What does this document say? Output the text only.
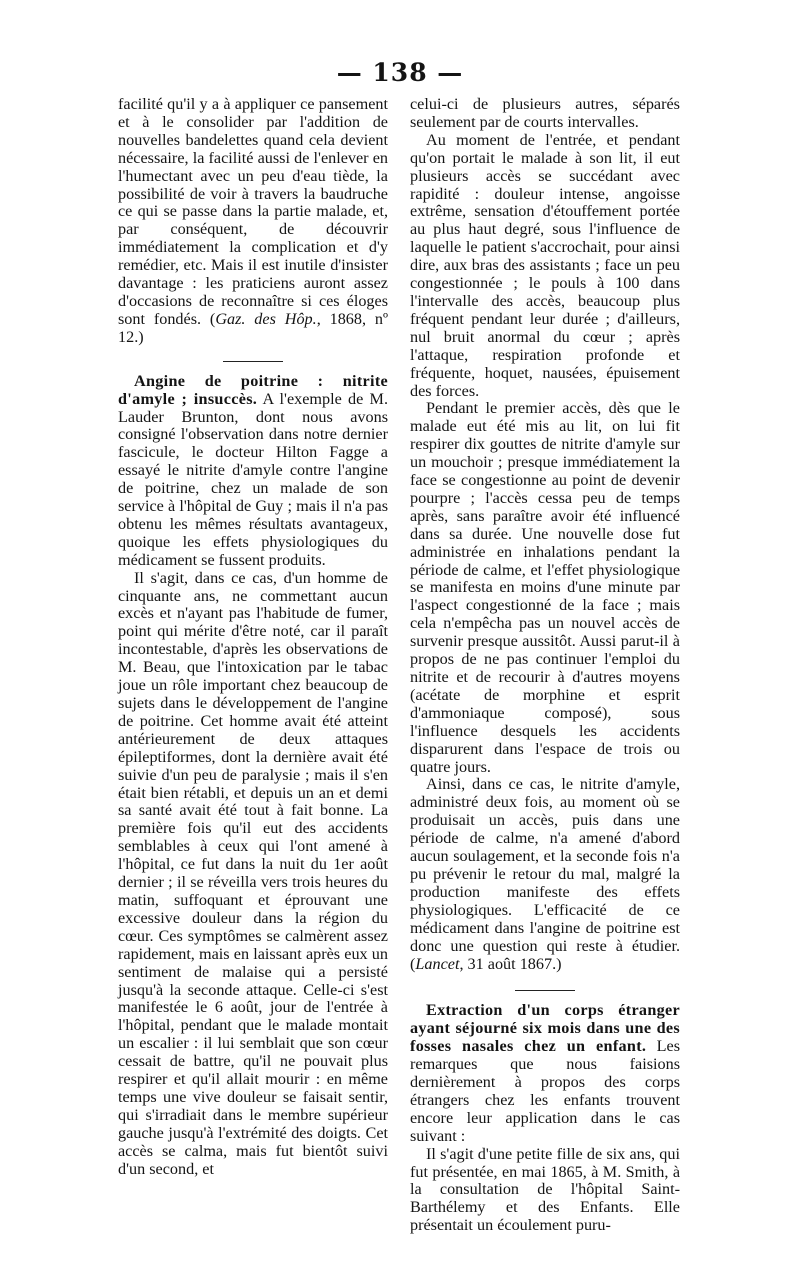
— 138 —

facilité qu'il y a à appliquer ce pansement et à le consolider par l'addition de nouvelles bandelettes quand cela devient nécessaire, la facilité aussi de l'enlever en l'humectant avec un peu d'eau tiède, la possibilité de voir à travers la baudruche ce qui se passe dans la partie malade, et, par conséquent, de découvrir immédiatement la complication et d'y remédier, etc. Mais il est inutile d'insister davantage : les praticiens auront assez d'occasions de reconnaître si ces éloges sont fondés. (Gaz. des Hôp., 1868, nº 12.)

Angine de poitrine : nitrite d'amyle ; insuccès. A l'exemple de M. Lauder Brunton, dont nous avons consigné l'observation dans notre dernier fascicule, le docteur Hilton Fagge a essayé le nitrite d'amyle contre l'angine de poitrine, chez un malade de son service à l'hôpital de Guy ; mais il n'a pas obtenu les mêmes résultats avantageux, quoique les effets physiologiques du médicament se fussent produits.

Il s'agit, dans ce cas, d'un homme de cinquante ans, ne commettant aucun excès et n'ayant pas l'habitude de fumer, point qui mérite d'être noté, car il paraît incontestable, d'après les observations de M. Beau, que l'intoxication par le tabac joue un rôle important chez beaucoup de sujets dans le développement de l'angine de poitrine. Cet homme avait été atteint antérieurement de deux attaques épileptiformes, dont la dernière avait été suivie d'un peu de paralysie ; mais il s'en était bien rétabli, et depuis un an et demi sa santé avait été tout à fait bonne. La première fois qu'il eut des accidents semblables à ceux qui l'ont amené à l'hôpital, ce fut dans la nuit du 1er août dernier ; il se réveilla vers trois heures du matin, suffoquant et éprouvant une excessive douleur dans la région du cœur. Ces symptômes se calmèrent assez rapidement, mais en laissant après eux un sentiment de malaise qui a persisté jusqu'à la seconde attaque. Celle-ci s'est manifestée le 6 août, jour de l'entrée à l'hôpital, pendant que le malade montait un escalier : il lui semblait que son cœur cessait de battre, qu'il ne pouvait plus respirer et qu'il allait mourir : en même temps une vive douleur se faisait sentir, qui s'irradiait dans le membre supérieur gauche jusqu'à l'extrémité des doigts. Cet accès se calma, mais fut bientôt suivi d'un second, et

celui-ci de plusieurs autres, séparés seulement par de courts intervalles.

Au moment de l'entrée, et pendant qu'on portait le malade à son lit, il eut plusieurs accès se succédant avec rapidité : douleur intense, angoisse extrême, sensation d'étouffement portée au plus haut degré, sous l'influence de laquelle le patient s'accrochait, pour ainsi dire, aux bras des assistants ; face un peu congestionnée ; le pouls à 100 dans l'intervalle des accès, beaucoup plus fréquent pendant leur durée ; d'ailleurs, nul bruit anormal du cœur ; après l'attaque, respiration profonde et fréquente, hoquet, nausées, épuisement des forces.

Pendant le premier accès, dès que le malade eut été mis au lit, on lui fit respirer dix gouttes de nitrite d'amyle sur un mouchoir ; presque immédiatement la face se congestionne au point de devenir pourpre ; l'accès cessa peu de temps après, sans paraître avoir été influencé dans sa durée. Une nouvelle dose fut administrée en inhalations pendant la période de calme, et l'effet physiologique se manifesta en moins d'une minute par l'aspect congestionné de la face ; mais cela n'empêcha pas un nouvel accès de survenir presque aussitôt. Aussi parut-il à propos de ne pas continuer l'emploi du nitrite et de recourir à d'autres moyens (acétate de morphine et esprit d'ammoniaque composé), sous l'influence desquels les accidents disparurent dans l'espace de trois ou quatre jours.

Ainsi, dans ce cas, le nitrite d'amyle, administré deux fois, au moment où se produisait un accès, puis dans une période de calme, n'a amené d'abord aucun soulagement, et la seconde fois n'a pu prévenir le retour du mal, malgré la production manifeste des effets physiologiques. L'efficacité de ce médicament dans l'angine de poitrine est donc une question qui reste à étudier. (Lancet, 31 août 1867.)

Extraction d'un corps étranger ayant séjourné six mois dans une des fosses nasales chez un enfant. Les remarques que nous faisions dernièrement à propos des corps étrangers chez les enfants trouvent encore leur application dans le cas suivant :

Il s'agit d'une petite fille de six ans, qui fut présentée, en mai 1865, à M. Smith, à la consultation de l'hôpital Saint-Barthélemy et des Enfants. Elle présentait un écoulement puru-
